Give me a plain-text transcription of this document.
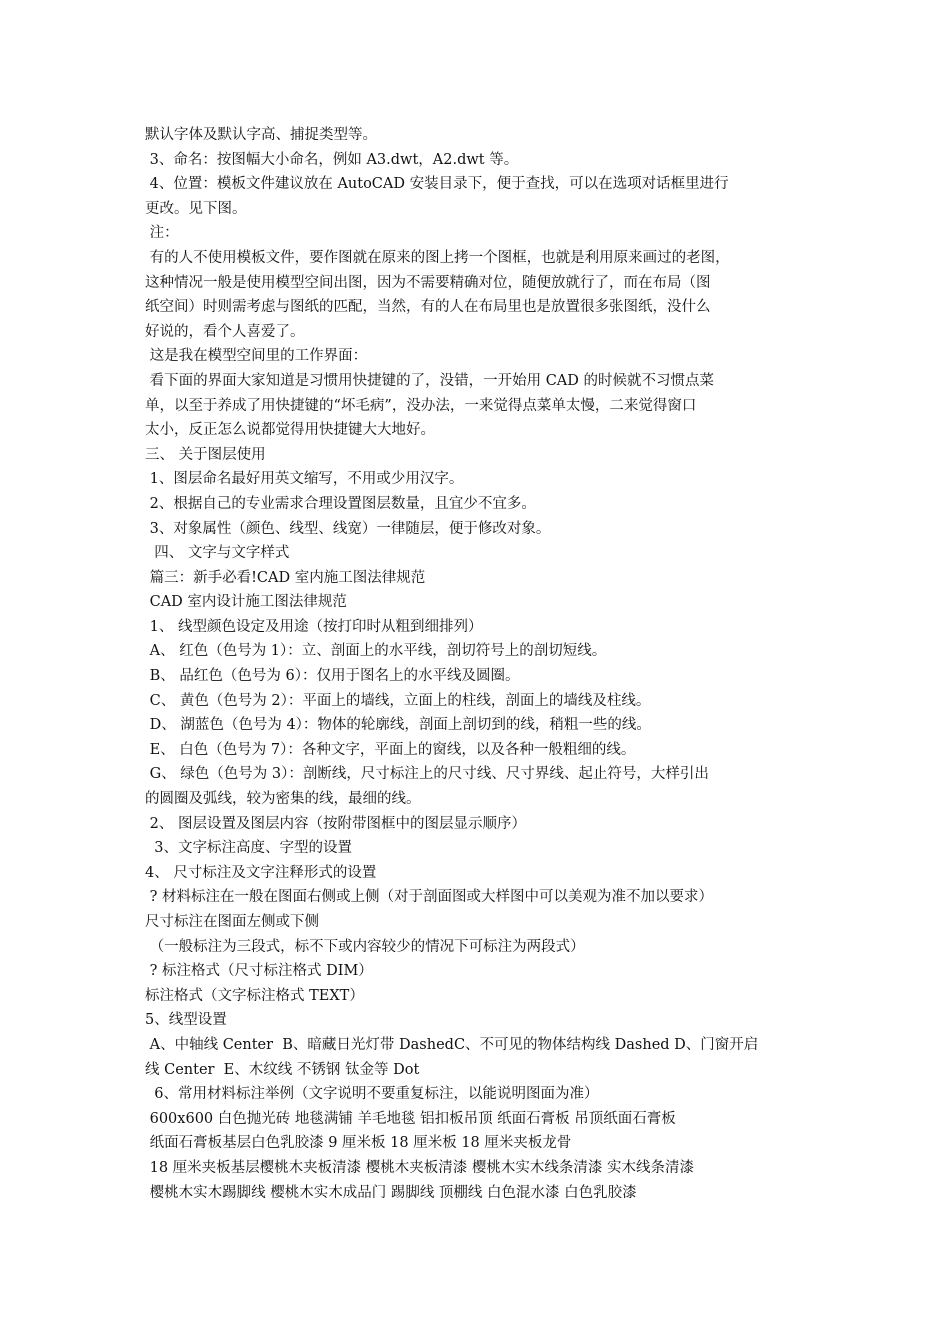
默认字体及默认字高、捕捉类型等。
3、命名：按图幅大小命名，例如 A3.dwt，A2.dwt 等。
4、位置：模板文件建议放在 AutoCAD 安装目录下，便于查找，可以在选项对话框里进行
更改。见下图。
注：
有的人不使用模板文件，要作图就在原来的图上拷一个图框，也就是利用原来画过的老图，
这种情况一般是使用模型空间出图，因为不需要精确对位，随便放就行了，而在布局（图
纸空间）时则需考虑与图纸的匹配，当然，有的人在布局里也是放置很多张图纸，没什么
好说的，看个人喜爱了。
这是我在模型空间里的工作界面：
看下面的界面大家知道是习惯用快捷键的了，没错，一开始用 CAD 的时候就不习惯点菜
单，以至于养成了用快捷键的“坏毛病”，没办法，一来觉得点菜单太慢，二来觉得窗口
太小，反正怎么说都觉得用快捷键大大地好。
三、 关于图层使用
1、图层命名最好用英文缩写，不用或少用汉字。
2、根据自己的专业需求合理设置图层数量，且宜少不宜多。
3、对象属性（颜色、线型、线宽）一律随层，便于修改对象。
四、 文字与文字样式
篇三：新手必看!CAD 室内施工图法律规范
CAD 室内设计施工图法律规范
1、 线型颜色设定及用途（按打印时从粗到细排列）
A、 红色（色号为 1）：立、剖面上的水平线，剖切符号上的剖切短线。
B、 品红色（色号为 6）：仅用于图名上的水平线及圆圈。
C、 黄色（色号为 2）：平面上的墙线，立面上的柱线，剖面上的墙线及柱线。
D、 湖蓝色（色号为 4）：物体的轮廓线，剖面上剖切到的线，稍粗一些的线。
E、 白色（色号为 7）：各种文字，平面上的窗线，以及各种一般粗细的线。
G、 绿色（色号为 3）：剖断线，尺寸标注上的尺寸线、尺寸界线、起止符号，大样引出
的圆圈及弧线，较为密集的线，最细的线。
2、 图层设置及图层内容（按附带图框中的图层显示顺序）
3、文字标注高度、字型的设置
4、 尺寸标注及文字注释形式的设置
? 材料标注在一般在图面右侧或上侧（对于剖面图或大样图中可以美观为准不加以要求）
尺寸标注在图面左侧或下侧
（一般标注为三段式，标不下或内容较少的情况下可标注为两段式）
? 标注格式（尺寸标注格式 DIM）
标注格式（文字标注格式 TEXT）
5、线型设置
A、中轴线 Center  B、暗藏日光灯带 DashedC、不可见的物体结构线 Dashed D、门窗开启
线 Center  E、木纹线 不锈钢 钛金等 Dot
6、常用材料标注举例（文字说明不要重复标注，以能说明图面为准）
600x600 白色抛光砖 地毯满铺 羊毛地毯 铝扣板吊顶 纸面石膏板 吊顶纸面石膏板
纸面石膏板基层白色乳胶漆 9 厘米板 18 厘米板 18 厘米夹板龙骨
18 厘米夹板基层樱桃木夹板清漆 樱桃木夹板清漆 樱桃木实木线条清漆 实木线条清漆
樱桃木实木踢脚线 樱桃木实木成品门 踢脚线 顶棚线 白色混水漆 白色乳胶漆
